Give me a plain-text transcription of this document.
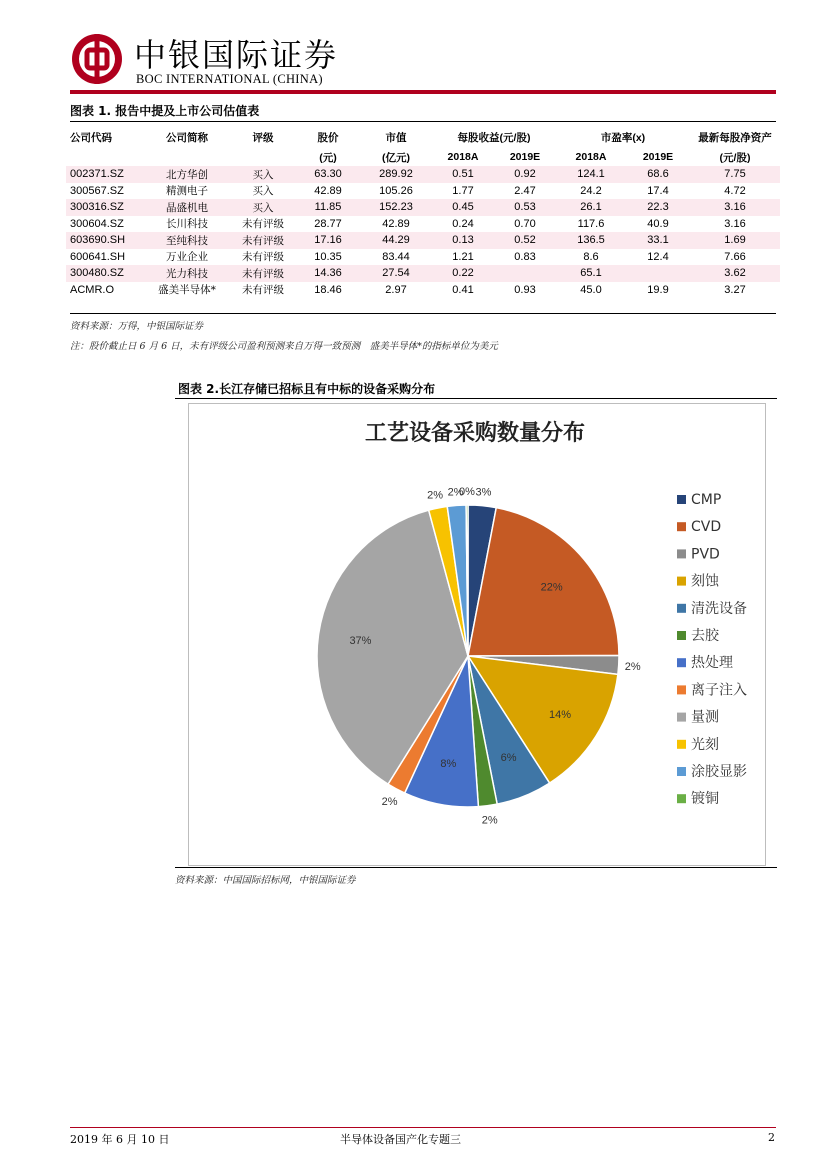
中银国际证券
BOC INTERNATIONAL (CHINA)
图表 1. 报告中提及上市公司估值表
公司代码	公司简称	评级	股价	市值	每股收益(元/股)		市盈率(x)		最新每股净资产
			(元)	(亿元)	2018A	2019E	2018A	2019E	(元/股)
002371.SZ	北方华创	买入	63.30	289.92	0.51	0.92	124.1	68.6	7.75
300567.SZ	精测电子	买入	42.89	105.26	1.77	2.47	24.2	17.4	4.72
300316.SZ	晶盛机电	买入	11.85	152.23	0.45	0.53	26.1	22.3	3.16
300604.SZ	长川科技	未有评级	28.77	42.89	0.24	0.70	117.6	40.9	3.16
603690.SH	至纯科技	未有评级	17.16	44.29	0.13	0.52	136.5	33.1	1.69
600641.SH	万业企业	未有评级	10.35	83.44	1.21	0.83	8.6	12.4	7.66
300480.SZ	光力科技	未有评级	14.36	27.54	0.22		65.1		3.62
ACMR.O	盛美半导体*	未有评级	18.46	2.97	0.41	0.93	45.0	19.9	3.27
资料来源：万得，中银国际证券
注：股价截止日 6 月 6 日，未有评级公司盈利预测来自万得一致预测　盛美半导体*的指标单位为美元
图表 2.长江存储已招标且有中标的设备采购分布
工艺设备采购数量分布
3%
22%
2%
14%
6%
2%
8%
2%
37%
2% 2%
0%	CMP
CVD
PVD
刻蚀
清洗设备
去胶
热处理
离子注入
量测
光刻
涂胶显影
镀铜
资料来源：中国国际招标网，中银国际证券
2019 年 6 月 10 日	半导体设备国产化专题三	2
